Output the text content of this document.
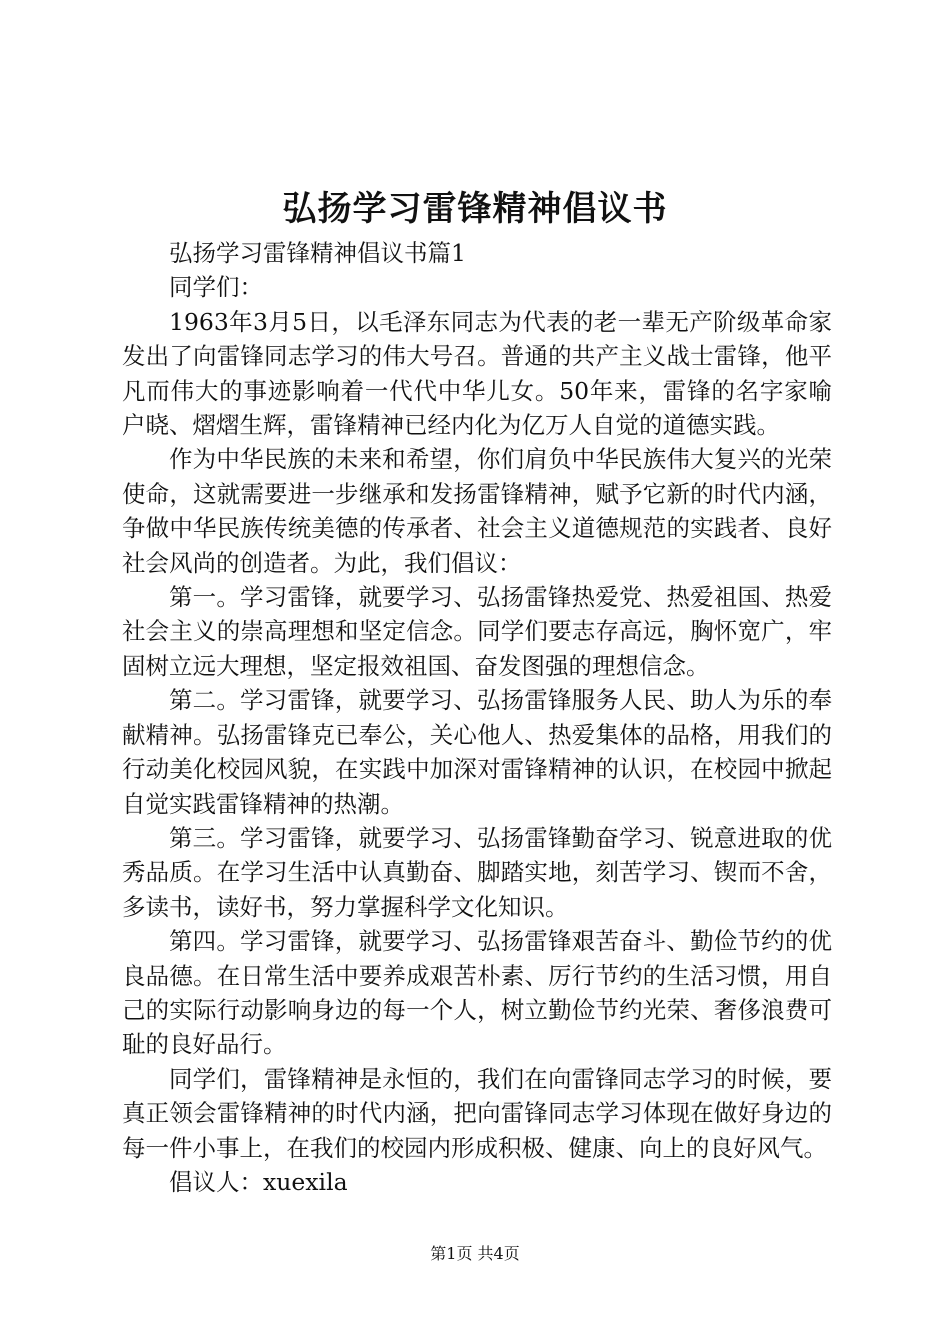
弘扬学习雷锋精神倡议书

弘扬学习雷锋精神倡议书篇1

同学们：

1963年3月5日，以毛泽东同志为代表的老一辈无产阶级革命家发出了向雷锋同志学习的伟大号召。普通的共产主义战士雷锋，他平凡而伟大的事迹影响着一代代中华儿女。50年来，雷锋的名字家喻户晓、熠熠生辉，雷锋精神已经内化为亿万人自觉的道德实践。

作为中华民族的未来和希望，你们肩负中华民族伟大复兴的光荣使命，这就需要进一步继承和发扬雷锋精神，赋予它新的时代内涵，争做中华民族传统美德的传承者、社会主义道德规范的实践者、良好社会风尚的创造者。为此，我们倡议：

第一。学习雷锋，就要学习、弘扬雷锋热爱党、热爱祖国、热爱社会主义的崇高理想和坚定信念。同学们要志存高远，胸怀宽广，牢固树立远大理想，坚定报效祖国、奋发图强的理想信念。

第二。学习雷锋，就要学习、弘扬雷锋服务人民、助人为乐的奉献精神。弘扬雷锋克已奉公，关心他人、热爱集体的品格，用我们的行动美化校园风貌，在实践中加深对雷锋精神的认识，在校园中掀起自觉实践雷锋精神的热潮。

第三。学习雷锋，就要学习、弘扬雷锋勤奋学习、锐意进取的优秀品质。在学习生活中认真勤奋、脚踏实地，刻苦学习、锲而不舍，多读书，读好书，努力掌握科学文化知识。

第四。学习雷锋，就要学习、弘扬雷锋艰苦奋斗、勤俭节约的优良品德。在日常生活中要养成艰苦朴素、厉行节约的生活习惯，用自己的实际行动影响身边的每一个人，树立勤俭节约光荣、奢侈浪费可耻的良好品行。

同学们，雷锋精神是永恒的，我们在向雷锋同志学习的时候，要真正领会雷锋精神的时代内涵，把向雷锋同志学习体现在做好身边的每一件小事上，在我们的校园内形成积极、健康、向上的良好风气。

倡议人：xuexila

第1页 共4页
